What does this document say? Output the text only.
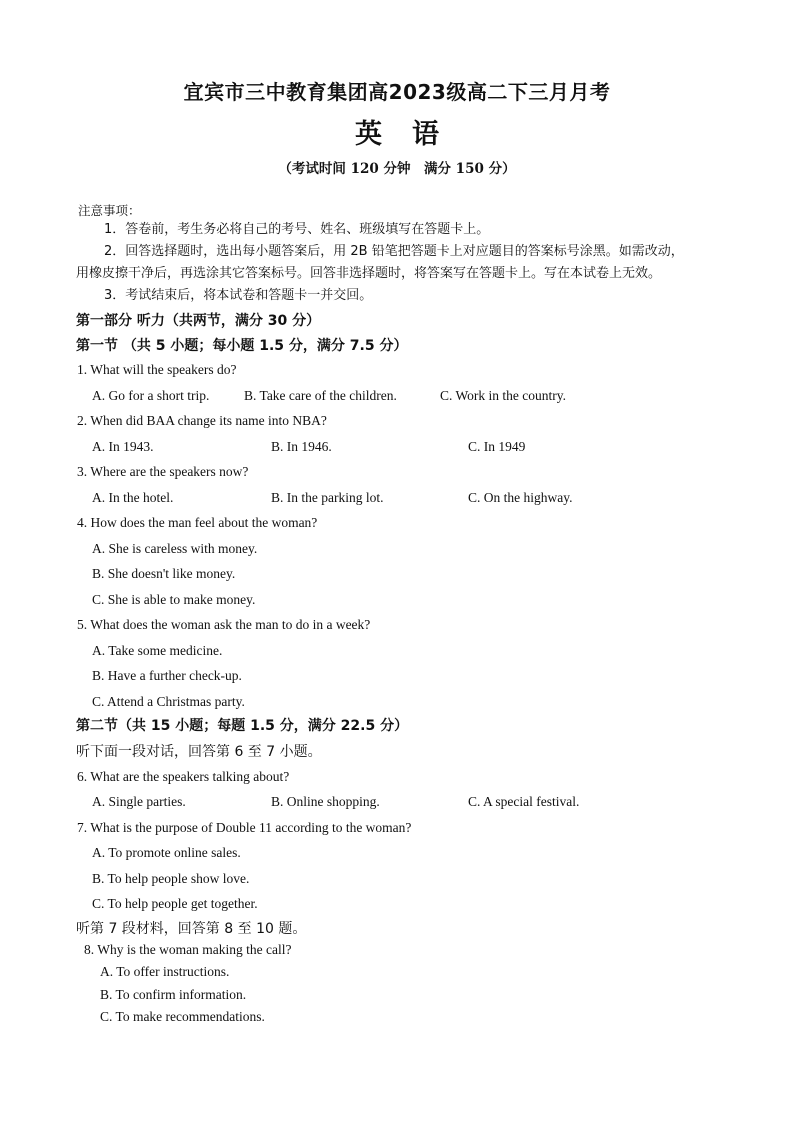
宜宾市三中教育集团高2023级高二下三月月考
英语
（考试时间 120 分钟　满分 150 分）
注意事项：
1．答卷前，考生务必将自己的考号、姓名、班级填写在答题卡上。
2．回答选择题时，选出每小题答案后，用 2B 铅笔把答题卡上对应题目的答案标号涂黑。如需改动，
用橡皮擦干净后，再选涂其它答案标号。回答非选择题时，将答案写在答题卡上。写在本试卷上无效。
3．考试结束后，将本试卷和答题卡一并交回。
第一部分 听力（共两节，满分 30 分）
第一节 （共 5 小题；每小题 1.5 分，满分 7.5 分）
1. What will the speakers do?
A. Go for a short trip.	B. Take care of the children.	C. Work in the country.
2. When did BAA change its name into NBA?
A. In 1943.	B. In 1946.	C. In 1949
3. Where are the speakers now?
A. In the hotel.	B. In the parking lot.	C. On the highway.
4. How does the man feel about the woman?
A. She is careless with money.
B. She doesn't like money.
C. She is able to make money.
5. What does the woman ask the man to do in a week?
A. Take some medicine.
B. Have a further check-up.
C. Attend a Christmas party.
第二节（共 15 小题；每题 1.5 分，满分 22.5 分）
听下面一段对话，回答第 6 至 7 小题。
6. What are the speakers talking about?
A. Single parties.	B. Online shopping.	C. A special festival.
7. What is the purpose of Double 11 according to the woman?
A. To promote online sales.
B. To help people show love.
C. To help people get together.
听第 7 段材料，回答第 8 至 10 题。
8. Why is the woman making the call?
A. To offer instructions.
B. To confirm information.
C. To make recommendations.
